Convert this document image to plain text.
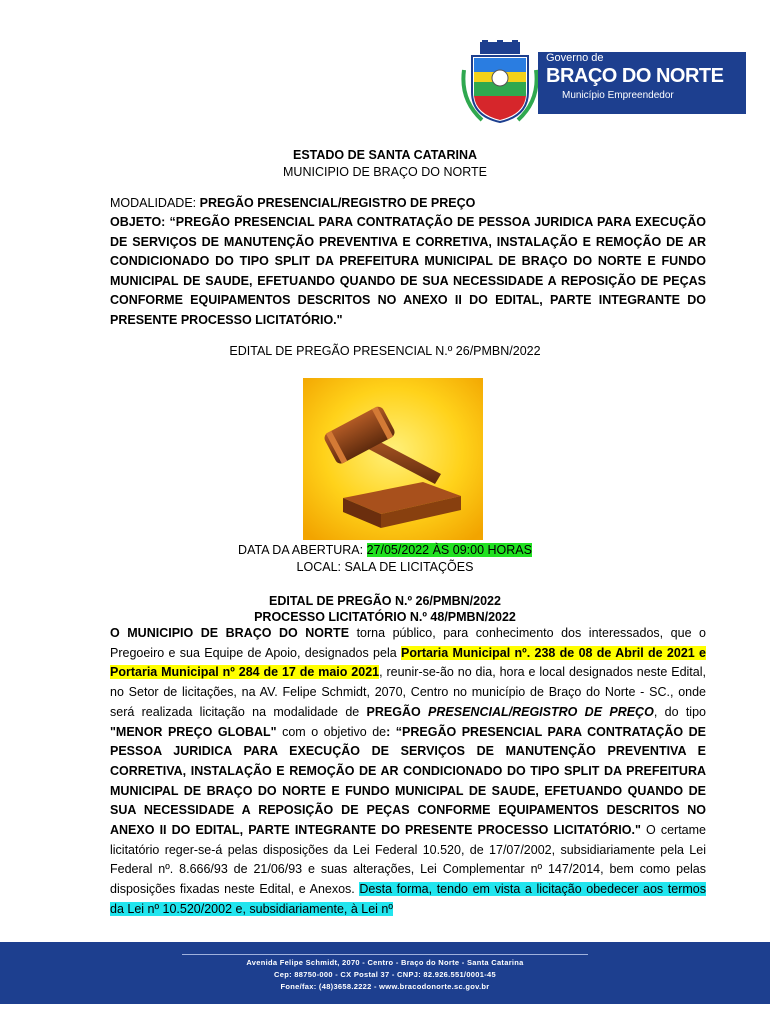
Governo de
BRAÇO DO NORTE
Município Empreendedor
ESTADO DE SANTA CATARINA
MUNICIPIO DE BRAÇO DO NORTE
MODALIDADE: PREGÃO PRESENCIAL/REGISTRO DE PREÇO
OBJETO: “PREGÃO PRESENCIAL PARA CONTRATAÇÃO DE PESSOA JURIDICA PARA EXECUÇÃO DE SERVIÇOS DE MANUTENÇÃO PREVENTIVA E CORRETIVA, INSTALAÇÃO E REMOÇÃO DE AR CONDICIONADO DO TIPO SPLIT DA PREFEITURA MUNICIPAL DE BRAÇO DO NORTE E FUNDO MUNICIPAL DE SAUDE, EFETUANDO QUANDO DE SUA NECESSIDADE A REPOSIÇÃO DE PEÇAS CONFORME EQUIPAMENTOS DESCRITOS NO ANEXO II DO EDITAL, PARTE INTEGRANTE DO PRESENTE PROCESSO LICITATÓRIO."
EDITAL DE PREGÃO PRESENCIAL N.º 26/PMBN/2022
DATA DA ABERTURA: 27/05/2022 ÀS 09:00 HORAS
LOCAL: SALA DE LICITAÇÕES
EDITAL DE PREGÃO N.º 26/PMBN/2022
PROCESSO LICITATÓRIO N.º 48/PMBN/2022
O MUNICIPIO DE BRAÇO DO NORTE torna público, para conhecimento dos interessados, que o Pregoeiro e sua Equipe de Apoio, designados pela Portaria Municipal nº. 238 de 08 de Abril de 2021 e Portaria Municipal nº 284 de 17 de maio 2021, reunir-se-ão no dia, hora e local designados neste Edital, no Setor de licitações, na AV. Felipe Schmidt, 2070, Centro no município de Braço do Norte - SC., onde será realizada licitação na modalidade de PREGÃO PRESENCIAL/REGISTRO DE PREÇO, do tipo "MENOR PREÇO GLOBAL" com o objetivo de: “PREGÃO PRESENCIAL PARA CONTRATAÇÃO DE PESSOA JURIDICA PARA EXECUÇÃO DE SERVIÇOS DE MANUTENÇÃO PREVENTIVA E CORRETIVA, INSTALAÇÃO E REMOÇÃO DE AR CONDICIONADO DO TIPO SPLIT DA PREFEITURA MUNICIPAL DE BRAÇO DO NORTE E FUNDO MUNICIPAL DE SAUDE, EFETUANDO QUANDO DE SUA NECESSIDADE A REPOSIÇÃO DE PEÇAS CONFORME EQUIPAMENTOS DESCRITOS NO ANEXO II DO EDITAL, PARTE INTEGRANTE DO PRESENTE PROCESSO LICITATÓRIO." O certame licitatório reger-se-á pelas disposições da Lei Federal 10.520, de 17/07/2002, subsidiariamente pela Lei Federal nº. 8.666/93 de 21/06/93 e suas alterações, Lei Complementar nº 147/2014, bem como pelas disposições fixadas neste Edital, e Anexos. Desta forma, tendo em vista a licitação obedecer aos termos da Lei nº 10.520/2002 e, subsidiariamente, à Lei nº
Avenida Felipe Schmidt, 2070 - Centro - Braço do Norte - Santa Catarina
Cep: 88750-000 - CX Postal 37 - CNPJ: 82.926.551/0001-45
Fone/fax: (48)3658.2222 - www.bracodonorte.sc.gov.br
